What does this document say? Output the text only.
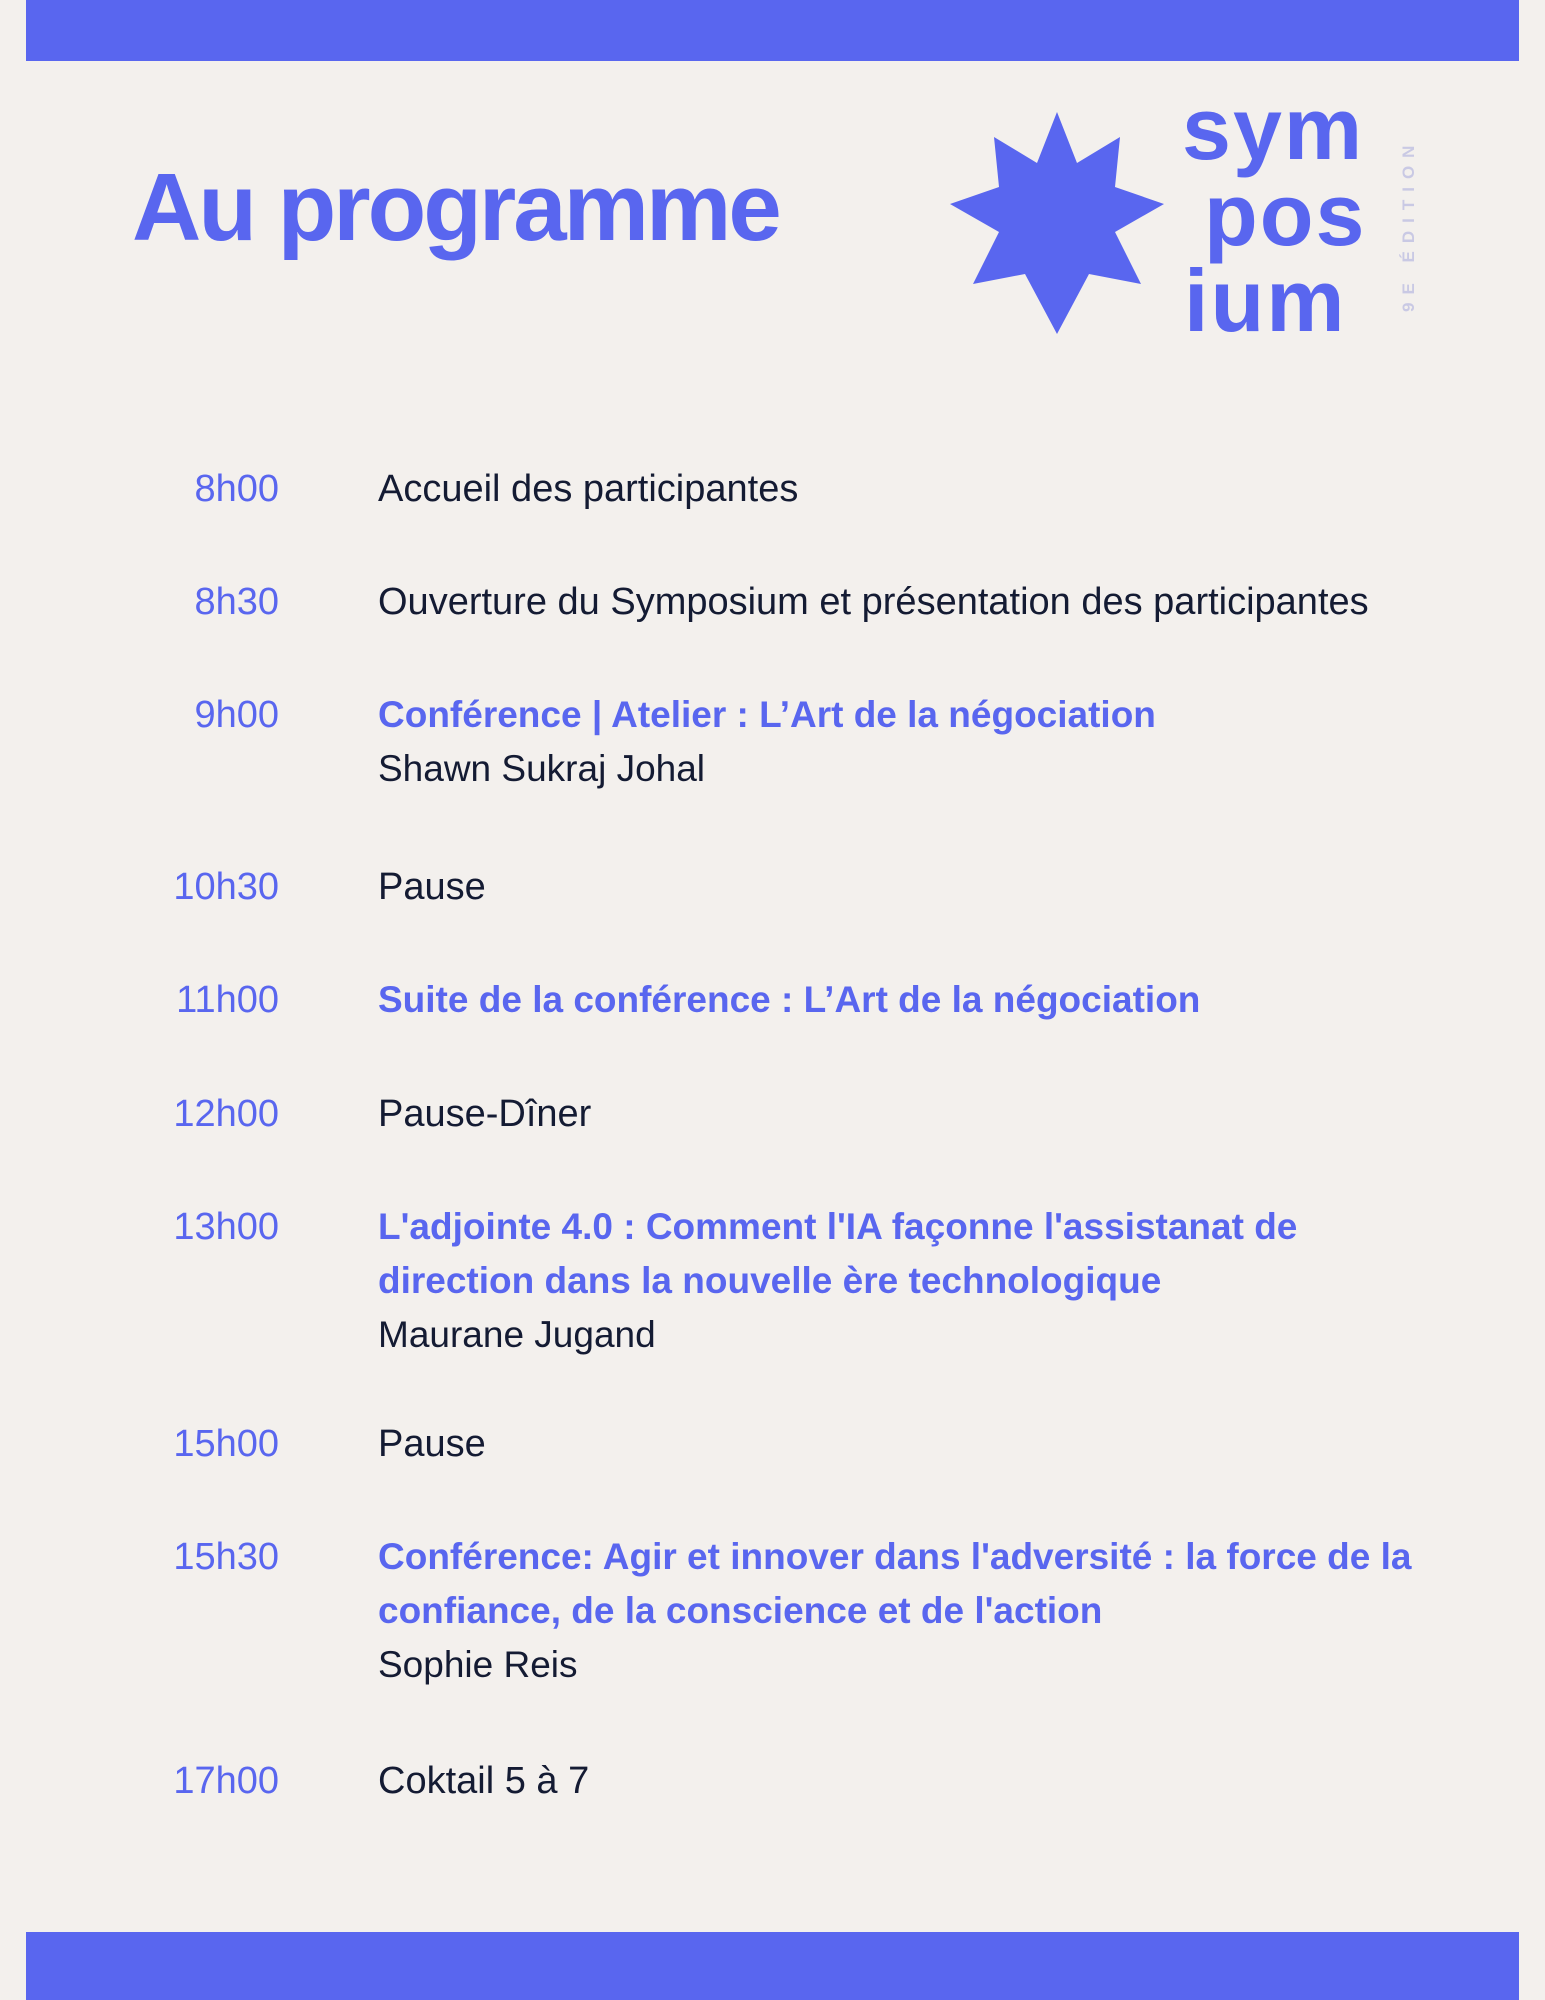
Au programme
sym
pos
ium	9E ÉDITION
8h00	Accueil des participantes
8h30	Ouverture du Symposium et présentation des participantes
9h00	Conférence | Atelier : L’Art de la négociation
Shawn Sukraj Johal
10h30	Pause
11h00	Suite de la conférence : L’Art de la négociation
12h00	Pause-Dîner
13h00	L'adjointe 4.0 : Comment l'IA façonne l'assistanat de direction dans la nouvelle ère technologique
Maurane Jugand
15h00	Pause
15h30	Conférence: Agir et innover dans l'adversité : la force de la confiance, de la conscience et de l'action
Sophie Reis
17h00	Coktail 5 à 7
